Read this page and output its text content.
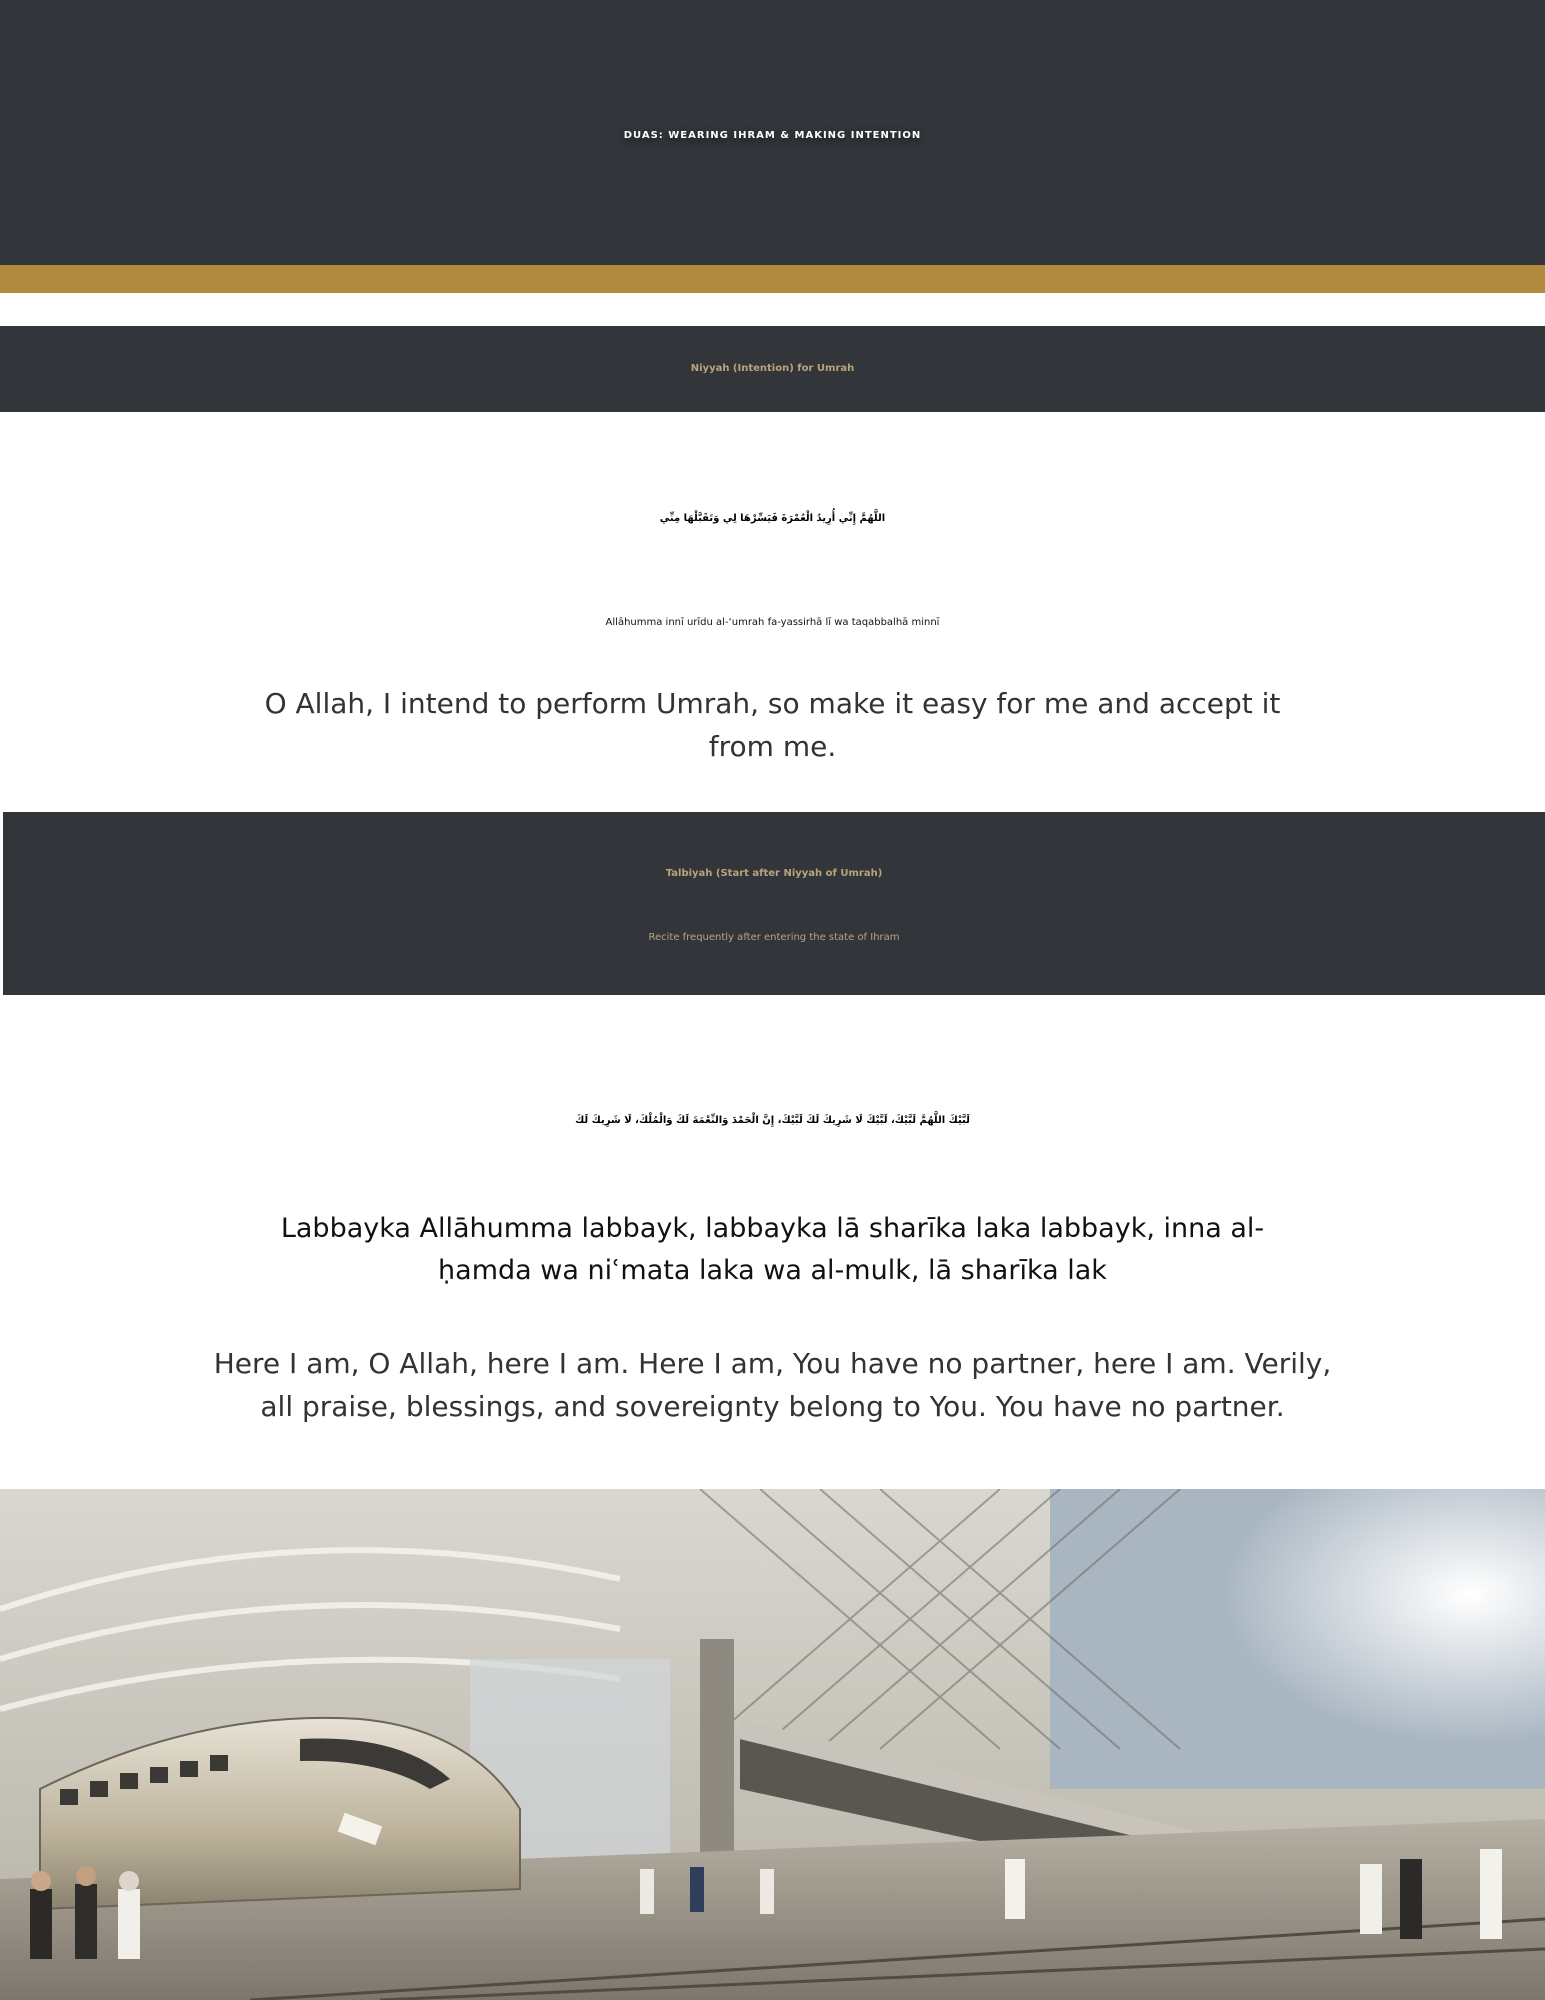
DUAS: WEARING IHRAM & MAKING INTENTION
Niyyah (Intention) for Umrah
اللَّهُمَّ إِنِّي أُرِيدُ الْعُمْرَةَ فَيَسِّرْهَا لِي وَتَقَبَّلْهَا مِنِّي
Allāhumma innī urīdu al-‘umrah fa-yassirhā lī wa taqabbalhā minnī
O Allah, I intend to perform Umrah, so make it easy for me and accept it from me.
Talbiyah (Start after Niyyah of Umrah)
Recite frequently after entering the state of Ihram
لَبَّيْكَ اللَّهُمَّ لَبَّيْكَ، لَبَّيْكَ لَا شَرِيكَ لَكَ لَبَّيْكَ، إِنَّ الْحَمْدَ وَالنِّعْمَةَ لَكَ وَالْمُلْكَ، لَا شَرِيكَ لَكَ
Labbayka Allāhumma labbayk, labbayka lā sharīka laka labbayk, inna al-ḥamda wa niʿmata laka wa al-mulk, lā sharīka lak
Here I am, O Allah, here I am. Here I am, You have no partner, here I am. Verily, all praise, blessings, and sovereignty belong to You. You have no partner.
